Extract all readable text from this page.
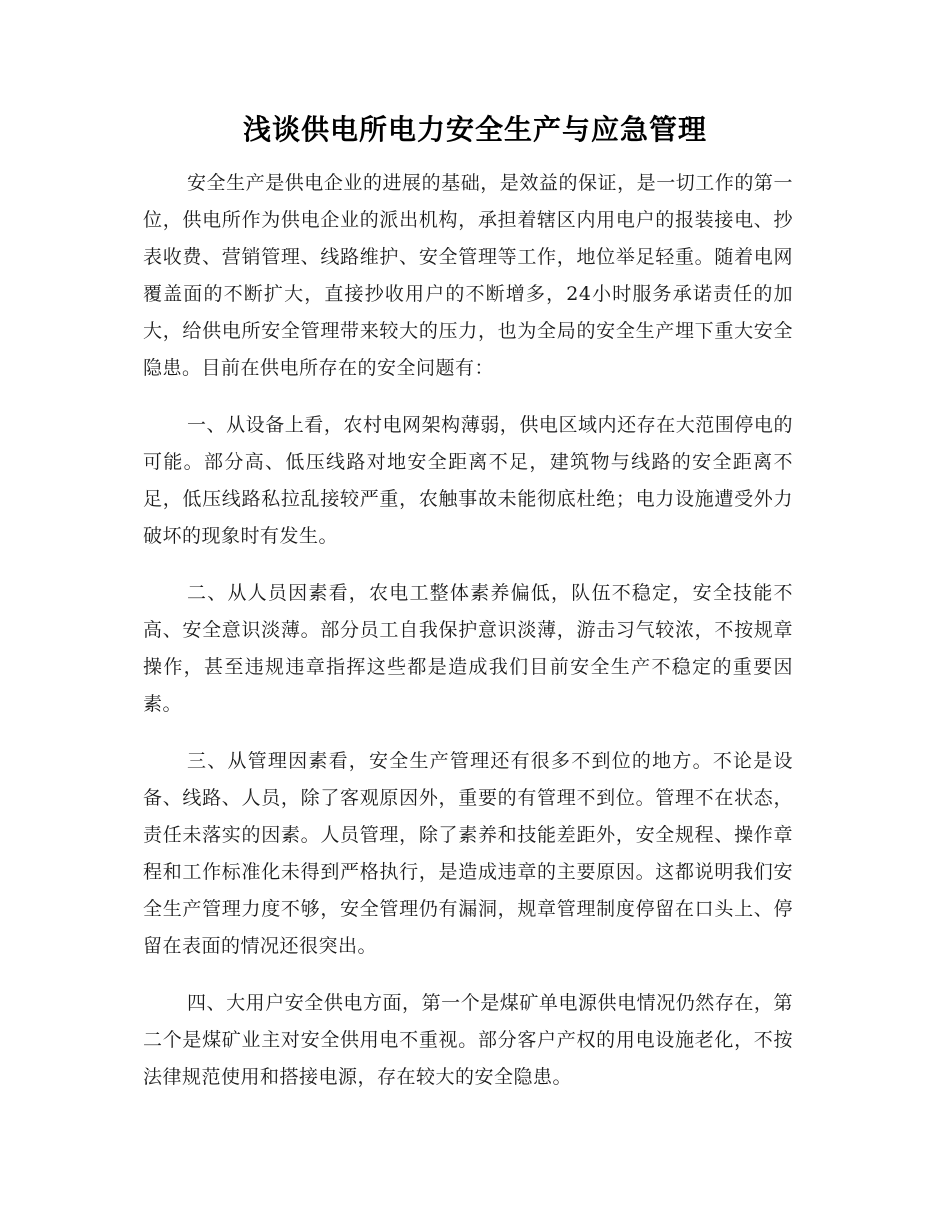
浅谈供电所电力安全生产与应急管理

安全生产是供电企业的进展的基础，是效益的保证，是一切工作的第一位，供电所作为供电企业的派出机构，承担着辖区内用电户的报装接电、抄表收费、营销管理、线路维护、安全管理等工作，地位举足轻重。随着电网覆盖面的不断扩大，直接抄收用户的不断增多，24小时服务承诺责任的加大，给供电所安全管理带来较大的压力，也为全局的安全生产埋下重大安全隐患。目前在供电所存在的安全问题有：

一、从设备上看，农村电网架构薄弱，供电区域内还存在大范围停电的可能。部分高、低压线路对地安全距离不足，建筑物与线路的安全距离不足，低压线路私拉乱接较严重，农触事故未能彻底杜绝；电力设施遭受外力破坏的现象时有发生。

二、从人员因素看，农电工整体素养偏低，队伍不稳定，安全技能不高、安全意识淡薄。部分员工自我保护意识淡薄，游击习气较浓，不按规章操作，甚至违规违章指挥这些都是造成我们目前安全生产不稳定的重要因素。

三、从管理因素看，安全生产管理还有很多不到位的地方。不论是设备、线路、人员，除了客观原因外，重要的有管理不到位。管理不在状态，责任未落实的因素。人员管理，除了素养和技能差距外，安全规程、操作章程和工作标准化未得到严格执行，是造成违章的主要原因。这都说明我们安全生产管理力度不够，安全管理仍有漏洞，规章管理制度停留在口头上、停留在表面的情况还很突出。

四、大用户安全供电方面，第一个是煤矿单电源供电情况仍然存在，第二个是煤矿业主对安全供用电不重视。部分客户产权的用电设施老化，不按法律规范使用和搭接电源，存在较大的安全隐患。
